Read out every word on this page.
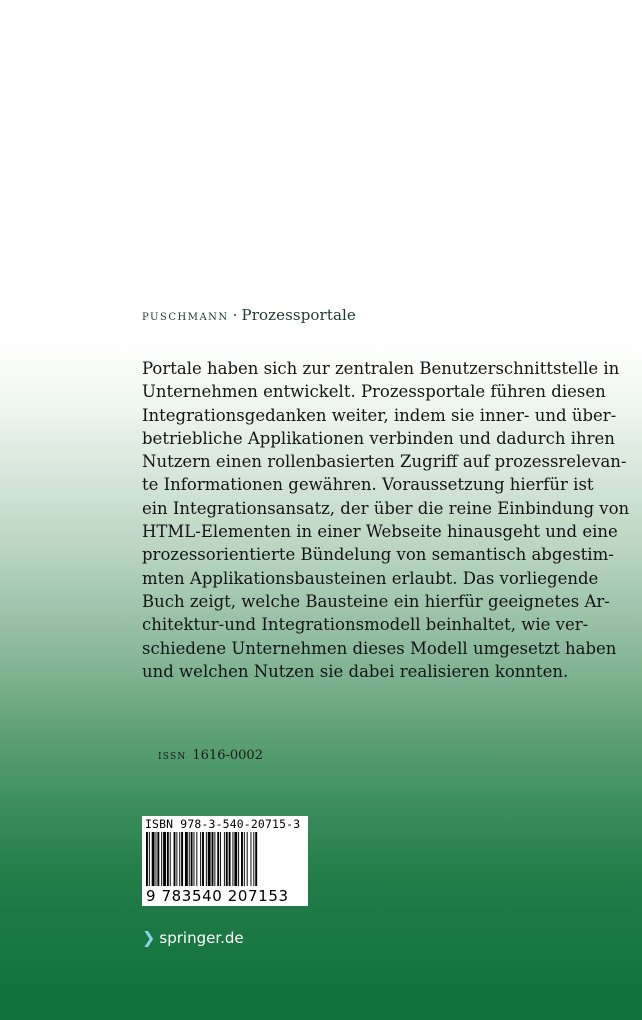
puschmann · Prozessportale
Portale haben sich zur zentralen Benutzerschnittstelle in
Unternehmen entwickelt. Prozessportale führen diesen
Integrationsgedanken weiter, indem sie inner- und über-
betriebliche Applikationen verbinden und dadurch ihren
Nutzern einen rollenbasierten Zugriff auf prozessrelevan-
te Informationen gewähren. Voraussetzung hierfür ist
ein Integrationsansatz, der über die reine Einbindung von
HTML-Elementen in einer Webseite hinausgeht und eine
prozessorientierte Bündelung von semantisch abgestim-
mten Applikationsbausteinen erlaubt. Das vorliegende
Buch zeigt, welche Bausteine ein hierfür geeignetes Ar-
chitektur-und Integrationsmodell beinhaltet, wie ver-
schiedene Unternehmen dieses Modell umgesetzt haben
und welchen Nutzen sie dabei realisieren konnten.
issn 1616-0002
ISBN 978-3-540-20715-3
9 783540 207153
❯ springer.de
